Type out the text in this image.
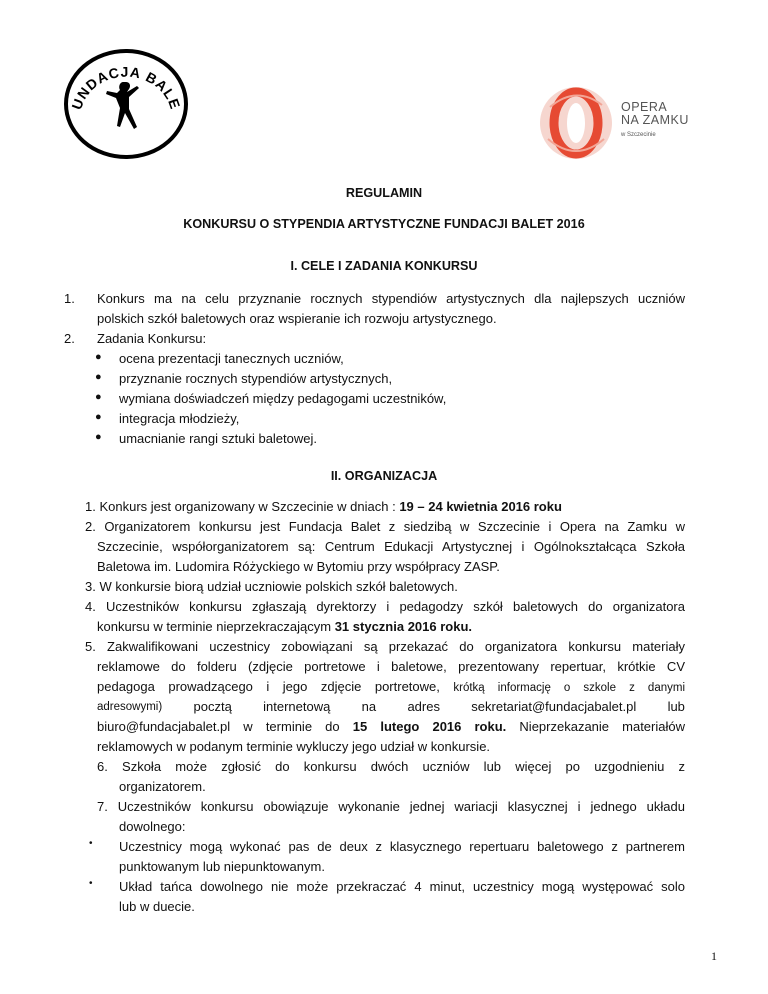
UNDACJA BALE	OPERA
NA ZAMKU
w Szczecinie
REGULAMIN
KONKURSU O STYPENDIA ARTYSTYCZNE FUNDACJI BALET 2016
I. CELE I ZADANIA KONKURSU
1. Konkurs ma na celu przyznanie rocznych stypendiów artystycznych dla najlepszych uczniów
polskich szkół baletowych oraz wspieranie ich rozwoju artystycznego.
2. Zadania Konkursu:
● ocena prezentacji tanecznych uczniów,
● przyznanie rocznych stypendiów artystycznych,
● wymiana doświadczeń między pedagogami uczestników,
● integracja młodzieży,
● umacnianie rangi sztuki baletowej.
II. ORGANIZACJA
1. Konkurs jest organizowany w Szczecinie w dniach : 19 – 24 kwietnia 2016 roku
2. Organizatorem konkursu jest Fundacja Balet z siedzibą w Szczecinie i Opera na Zamku w
Szczecinie, współorganizatorem są: Centrum Edukacji Artystycznej i Ogólnokształcąca Szkoła
Baletowa im. Ludomira Różyckiego w Bytomiu przy współpracy ZASP.
3. W konkursie biorą udział uczniowie polskich szkół baletowych.
4. Uczestników konkursu zgłaszają dyrektorzy i pedagodzy szkół baletowych do organizatora
konkursu w terminie nieprzekraczającym 31 stycznia 2016 roku.
5. Zakwalifikowani uczestnicy zobowiązani są przekazać do organizatora konkursu materiały
reklamowe do folderu (zdjęcie portretowe i baletowe, prezentowany repertuar, krótkie CV
pedagoga prowadzącego i jego zdjęcie portretowe, krótką informację o szkole z danymi
adresowymi) pocztą internetową na adres sekretariat@fundacjabalet.pl lub
biuro@fundacjabalet.pl w terminie do 15 lutego 2016 roku. Nieprzekazanie materiałów
reklamowych w podanym terminie wykluczy jego udział w konkursie.
6. Szkoła może zgłosić do konkursu dwóch uczniów lub więcej po uzgodnieniu z
organizatorem.
7. Uczestników konkursu obowiązuje wykonanie jednej wariacji klasycznej i jednego układu
dowolnego:
• Uczestnicy mogą wykonać pas de deux z klasycznego repertuaru baletowego z partnerem
punktowanym lub niepunktowanym.
• Układ tańca dowolnego nie może przekraczać 4 minut, uczestnicy mogą występować solo
lub w duecie.
1
